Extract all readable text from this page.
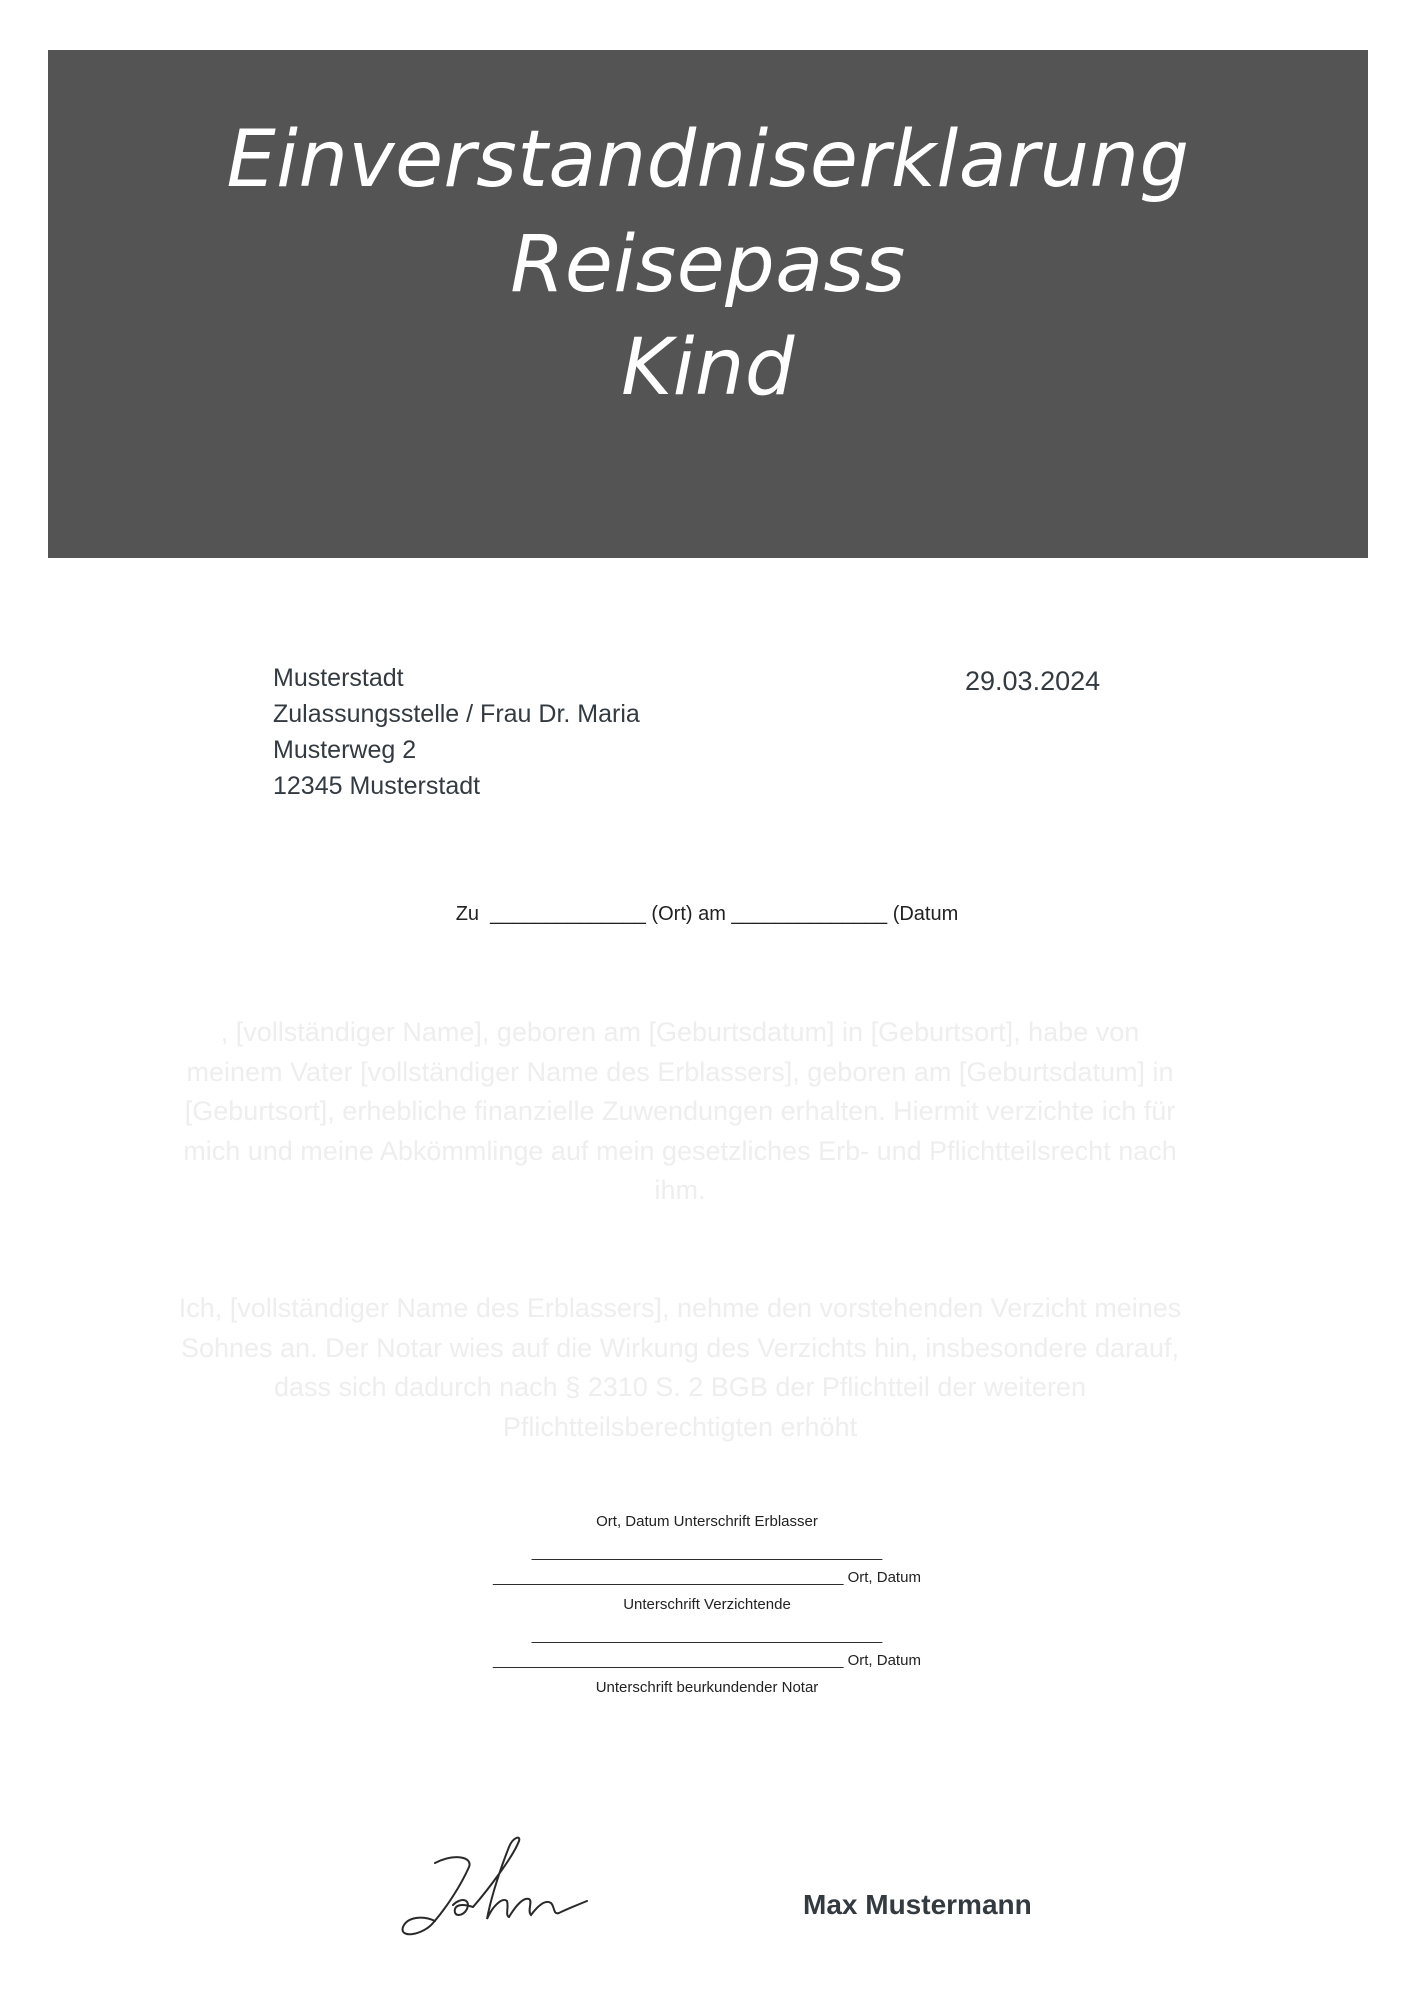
Einverstandniserklarung
Reisepass
Kind
Musterstadt
Zulassungsstelle / Frau Dr. Maria
Musterweg 2
12345 Musterstadt
29.03.2024
Zu  ______________ (Ort) am ______________ (Datum
, [vollständiger Name], geboren am [Geburtsdatum] in [Geburtsort], habe von meinem Vater [vollständiger Name des Erblassers], geboren am [Geburtsdatum] in [Geburtsort], erhebliche finanzielle Zuwendungen erhalten. Hiermit verzichte ich für mich und meine Abkömmlinge auf mein gesetzliches Erb- und Pflichtteilsrecht nach ihm.
Ich, [vollständiger Name des Erblassers], nehme den vorstehenden Verzicht meines Sohnes an. Der Notar wies auf die Wirkung des Verzichts hin, insbesondere darauf, dass sich dadurch nach § 2310 S. 2 BGB der Pflichtteil der weiteren Pflichtteilsberechtigten erhöht
Ort, Datum Unterschrift Erblasser
__________________________________________
__________________________________________ Ort, Datum
Unterschrift Verzichtende
__________________________________________
__________________________________________ Ort, Datum
Unterschrift beurkundender Notar
Max Mustermann
